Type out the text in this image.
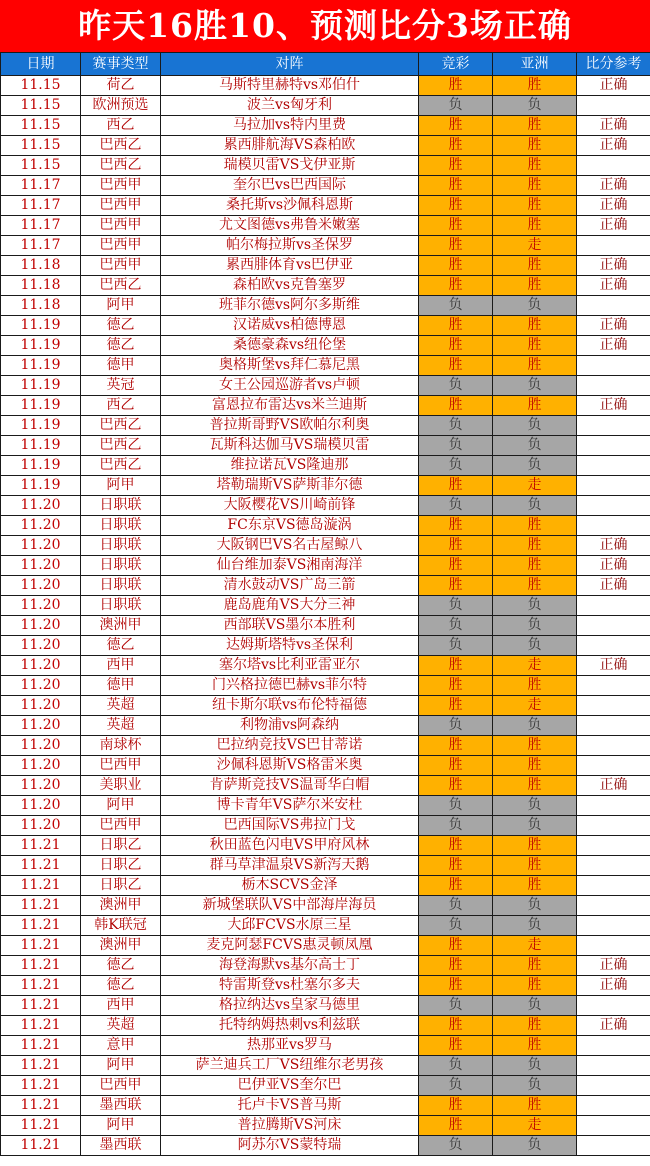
昨天16胜10、预测比分3场正确
日期	赛事类型	对阵	竞彩	亚洲	比分参考
11.15	荷乙	马斯特里赫特vs邓伯什	胜	胜	正确
11.15	欧洲预选	波兰vs匈牙利	负	负	
11.15	西乙	马拉加vs特内里费	胜	胜	正确
11.15	巴西乙	累西腓航海VS森柏欧	胜	胜	正确
11.15	巴西乙	瑞模贝雷VS戈伊亚斯	胜	胜	
11.17	巴西甲	奎尔巴vs巴西国际	胜	胜	正确
11.17	巴西甲	桑托斯vs沙佩科恩斯	胜	胜	正确
11.17	巴西甲	尤文图德vs弗鲁米嫩塞	胜	胜	正确
11.17	巴西甲	帕尔梅拉斯vs圣保罗	胜	走	
11.18	巴西甲	累西腓体育vs巴伊亚	胜	胜	正确
11.18	巴西乙	森柏欧vs克鲁塞罗	胜	胜	正确
11.18	阿甲	班菲尔德vs阿尔多斯维	负	负	
11.19	德乙	汉诺威vs柏德博恩	胜	胜	正确
11.19	德乙	桑德豪森vs纽伦堡	胜	胜	正确
11.19	德甲	奥格斯堡vs拜仁慕尼黑	胜	胜	
11.19	英冠	女王公园巡游者vs卢顿	负	负	
11.19	西乙	富恩拉布雷达vs米兰迪斯	胜	胜	正确
11.19	巴西乙	普拉斯哥野VS欧帕尔利奥	负	负	
11.19	巴西乙	瓦斯科达伽马VS瑞模贝雷	负	负	
11.19	巴西乙	维拉诺瓦VS隆迪那	负	负	
11.19	阿甲	塔勒瑞斯VS萨斯菲尔德	胜	走	
11.20	日职联	大阪樱花VS川崎前锋	负	负	
11.20	日职联	FC东京VS德岛漩涡	胜	胜	
11.20	日职联	大阪钢巴VS名古屋鲸八	胜	胜	正确
11.20	日职联	仙台维加泰VS湘南海洋	胜	胜	正确
11.20	日职联	清水鼓动VS广岛三箭	胜	胜	正确
11.20	日职联	鹿岛鹿角VS大分三神	负	负	
11.20	澳洲甲	西部联VS墨尔本胜利	负	负	
11.20	德乙	达姆斯塔特vs圣保利	负	负	
11.20	西甲	塞尔塔vs比利亚雷亚尔	胜	走	正确
11.20	德甲	门兴格拉德巴赫vs菲尔特	胜	胜	
11.20	英超	纽卡斯尔联vs布伦特福德	胜	走	
11.20	英超	利物浦vs阿森纳	负	负	
11.20	南球杯	巴拉纳竞技VS巴甘蒂诺	胜	胜	
11.20	巴西甲	沙佩科恩斯VS格雷米奥	胜	胜	
11.20	美职业	肯萨斯竞技VS温哥华白帽	胜	胜	正确
11.20	阿甲	博卡青年VS萨尔米安杜	负	负	
11.20	巴西甲	巴西国际VS弗拉门戈	负	负	
11.21	日职乙	秋田蓝色闪电VS甲府风林	胜	胜	
11.21	日职乙	群马草津温泉VS新泻天鹅	胜	胜	
11.21	日职乙	栃木SCVS金泽	胜	胜	
11.21	澳洲甲	新城堡联队VS中部海岸海员	负	负	
11.21	韩K联冠	大邱FCVS水原三星	负	负	
11.21	澳洲甲	麦克阿瑟FCVS惠灵顿凤凰	胜	走	
11.21	德乙	海登海默vs基尔高士丁	胜	胜	正确
11.21	德乙	特雷斯登vs杜塞尔多夫	胜	胜	正确
11.21	西甲	格拉纳达vs皇家马德里	负	负	
11.21	英超	托特纳姆热刺vs利兹联	胜	胜	正确
11.21	意甲	热那亚vs罗马	胜	胜	
11.21	阿甲	萨兰迪兵工厂VS纽维尔老男孩	负	负	
11.21	巴西甲	巴伊亚VS奎尔巴	负	负	
11.21	墨西联	托卢卡VS普马斯	胜	胜	
11.21	阿甲	普拉腾斯VS河床	胜	走	
11.21	墨西联	阿苏尔VS蒙特瑞	负	负	
